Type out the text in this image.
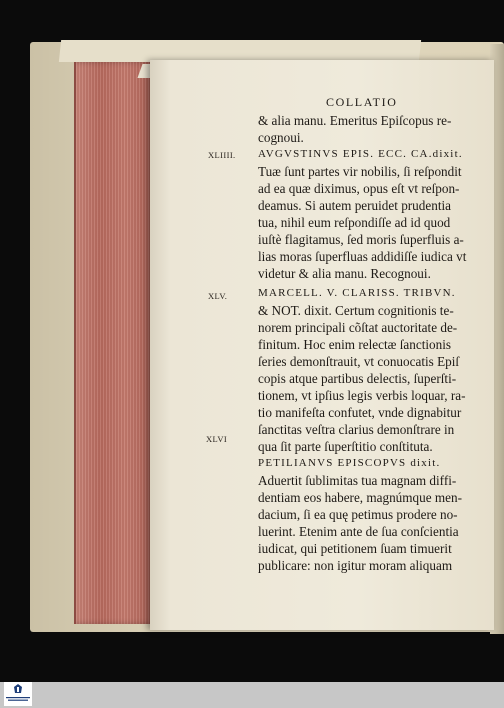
COLLATIO
XLIIII.
XLV.
XLVI
& alia manu. Emeritus Epiſcopus re-
cognoui.
AVGVSTINVS EPIS. ECC. CA.dixit.
Tuæ ſunt partes vir nobilis, ſi reſpondit
ad ea quæ diximus, opus eſt vt reſpon-
deamus. Si autem peruidet prudentia
tua, nihil eum reſpondiſſe ad id quod
iuſtè flagitamus, ſed moris ſuperfluis a-
lias moras ſuperfluas addidiſſe iudica vt
videtur & alia manu. Recognoui.
MARCELL. V. CLARISS. TRIBVN.
& NOT. dixit. Certum cognitionis te-
norem principali cõſtat auctoritate de-
finitum. Hoc enim relectæ ſanctionis
ſeries demonſtrauit, vt conuocatis Epiſ
copis atque partibus delectis, ſuperſti-
tionem, vt ipſius legis verbis loquar, ra-
tio manifeſta confutet, vnde dignabitur
ſanctitas veſtra clarius demonſtrare in
qua ſit parte ſuperſtitio conſtituta.
PETILIANVS EPISCOPVS dixit.
Aduertit ſublimitas tua magnam diffi-
dentiam eos habere, magnúmque men-
dacium, ſi ea quę petimus prodere no-
luerint. Etenim ante de ſua conſcientia
iudicat, qui petitionem ſuam timuerit
publicare: non igitur moram aliquam
